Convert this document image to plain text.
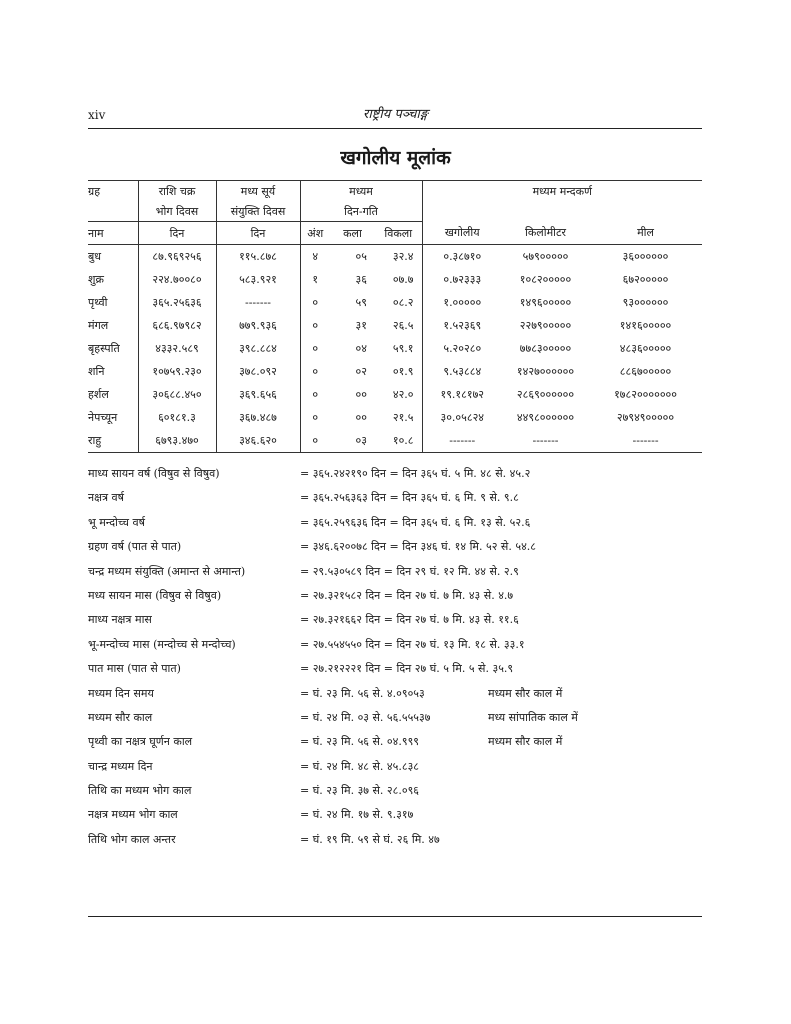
xiv	राष्ट्रीय पञ्चाङ्ग
खगोलीय मूलांक
ग्रह	राशि चक्र	मध्य सूर्य	मध्यम			मध्यम मन्दकर्ण		
	भोग दिवस	संयुक्ति दिवस	दिन-गति					
नाम	दिन	दिन	अंश	कला	विकला	खगोलीय	किलोमीटर	मील
बुध	८७.९६९२५६	११५.८७८	४	०५	३२.४	०.३८७१०	५७९०००००	३६००००००
शुक्र	२२४.७००८०	५८३.९२१	१	३६	०७.७	०.७२३३३	१०८२०००००	६७२०००००
पृथ्वी	३६५.२५६३६	-------	०	५९	०८.२	१.०००००	१४९६०००००	९३००००००
मंगल	६८६.९७९८२	७७९.९३६	०	३१	२६.५	१.५२३६९	२२७९०००००	१४१६०००००
बृहस्पति	४३३२.५८९	३९८.८८४	०	०४	५९.१	५.२०२८०	७७८३०००००	४८३६०००००
शनि	१०७५९.२३०	३७८.०९२	०	०२	०१.९	९.५३८८४	१४२७००००००	८८६७०००००
हर्शल	३०६८८.४५०	३६९.६५६	०	००	४२.०	१९.१८१७२	२८६९००००००	१७८२०००००००
नेपच्यून	६०१८१.३	३६७.४८७	०	००	२१.५	३०.०५८२४	४४९८००००००	२७९४९०००००
राहु	६७९३.४७०	३४६.६२०	०	०३	१०.८	-------	-------	-------
माध्य सायन वर्ष (विषुव से विषुव)	= ३६५.२४२१९० दिन = दिन ३६५ घं. ५ मि. ४८ से. ४५.२
नक्षत्र वर्ष	= ३६५.२५६३६३ दिन = दिन ३६५ घं. ६ मि. ९ से. ९.८
भू मन्दोच्च वर्ष	= ३६५.२५९६३६ दिन = दिन ३६५ घं. ६ मि. १३ से. ५२.६
ग्रहण वर्ष (पात से पात)	= ३४६.६२००७८ दिन = दिन ३४६ घं. १४ मि. ५२ से. ५४.८
चन्द्र मध्यम संयुक्ति (अमान्त से अमान्त)	= २९.५३०५८९ दिन = दिन २९ घं. १२ मि. ४४ से. २.९
मध्य सायन मास (विषुव से विषुव)	= २७.३२१५८२ दिन = दिन २७ घं. ७ मि. ४३ से. ४.७
माध्य नक्षत्र मास	= २७.३२१६६२ दिन = दिन २७ घं. ७ मि. ४३ से. ११.६
भू-मन्दोच्च मास (मन्दोच्च से मन्दोच्च)	= २७.५५४५५० दिन = दिन २७ घं. १३ मि. १८ से. ३३.१
पात मास (पात से पात)	= २७.२१२२२१ दिन = दिन २७ घं. ५ मि. ५ से. ३५.९
मध्यम दिन समय	= घं. २३ मि. ५६ से. ४.०९०५३	मध्यम सौर काल में
मध्यम सौर काल	= घं. २४ मि. ०३ से. ५६.५५५३७	मध्य सांपातिक काल में
पृथ्वी का नक्षत्र घूर्णन काल	= घं. २३ मि. ५६ से. ०४.९९९	मध्यम सौर काल में
चान्द्र मध्यम दिन	= घं. २४ मि. ४८ से. ४५.८३८
तिथि का मध्यम भोग काल	= घं. २३ मि. ३७ से. २८.०९६
नक्षत्र मध्यम भोग काल	= घं. २४ मि. १७ से. ९.३१७
तिथि भोग काल अन्तर	= घं. १९ मि. ५९ से घं. २६ मि. ४७
